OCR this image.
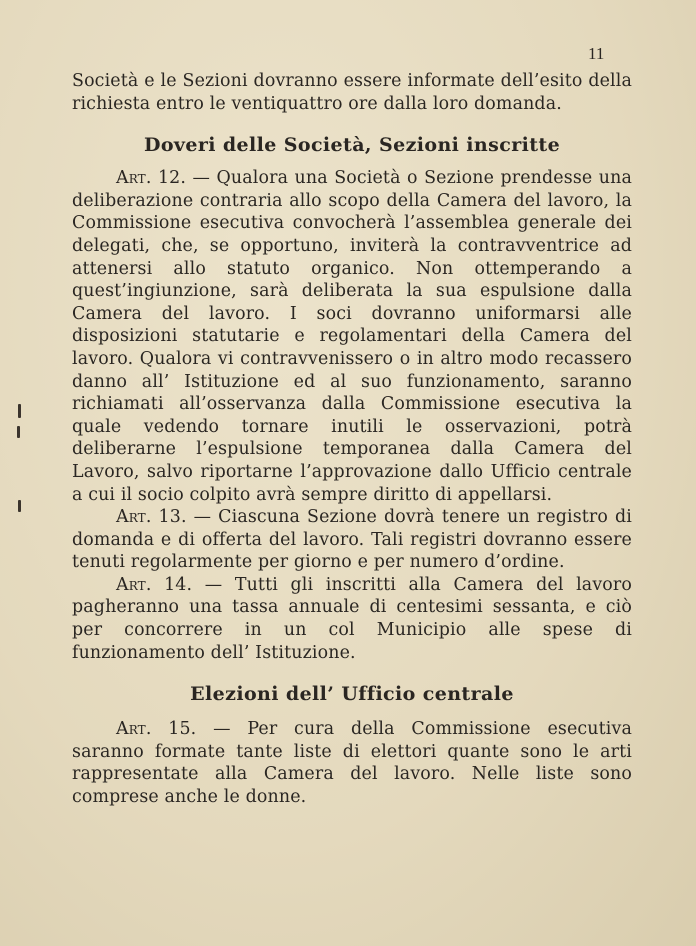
11

Società e le Sezioni dovranno essere informate dell’esito della richiesta entro le ventiquattro ore dalla loro domanda.

Doveri delle Società, Sezioni inscritte

Art. 12. — Qualora una Società o Sezione prendesse una deliberazione contraria allo scopo della Camera del lavoro, la Commissione esecutiva convocherà l’assemblea generale dei delegati, che, se opportuno, inviterà la contravventrice ad attenersi allo statuto organico. Non ottemperando a quest’ingiunzione, sarà deliberata la sua espulsione dalla Camera del lavoro. I soci dovranno uniformarsi alle disposizioni statutarie e regolamentari della Camera del lavoro. Qualora vi contravvenissero o in altro modo recassero danno all’ Istituzione ed al suo funzionamento, saranno richiamati all’osservanza dalla Commissione esecutiva la quale vedendo tornare inutili le osservazioni, potrà deliberarne l’espulsione temporanea dalla Camera del Lavoro, salvo riportarne l’approvazione dallo Ufficio centrale a cui il socio colpito avrà sempre diritto di appellarsi.

Art. 13. — Ciascuna Sezione dovrà tenere un registro di domanda e di offerta del lavoro. Tali registri dovranno essere tenuti regolarmente per giorno e per numero d’ordine.

Art. 14. — Tutti gli inscritti alla Camera del lavoro pagheranno una tassa annuale di centesimi sessanta, e ciò per concorrere in un col Municipio alle spese di funzionamento dell’ Istituzione.

Elezioni dell’ Ufficio centrale

Art. 15. — Per cura della Commissione esecutiva saranno formate tante liste di elettori quante sono le arti rappresentate alla Camera del lavoro. Nelle liste sono comprese anche le donne.
